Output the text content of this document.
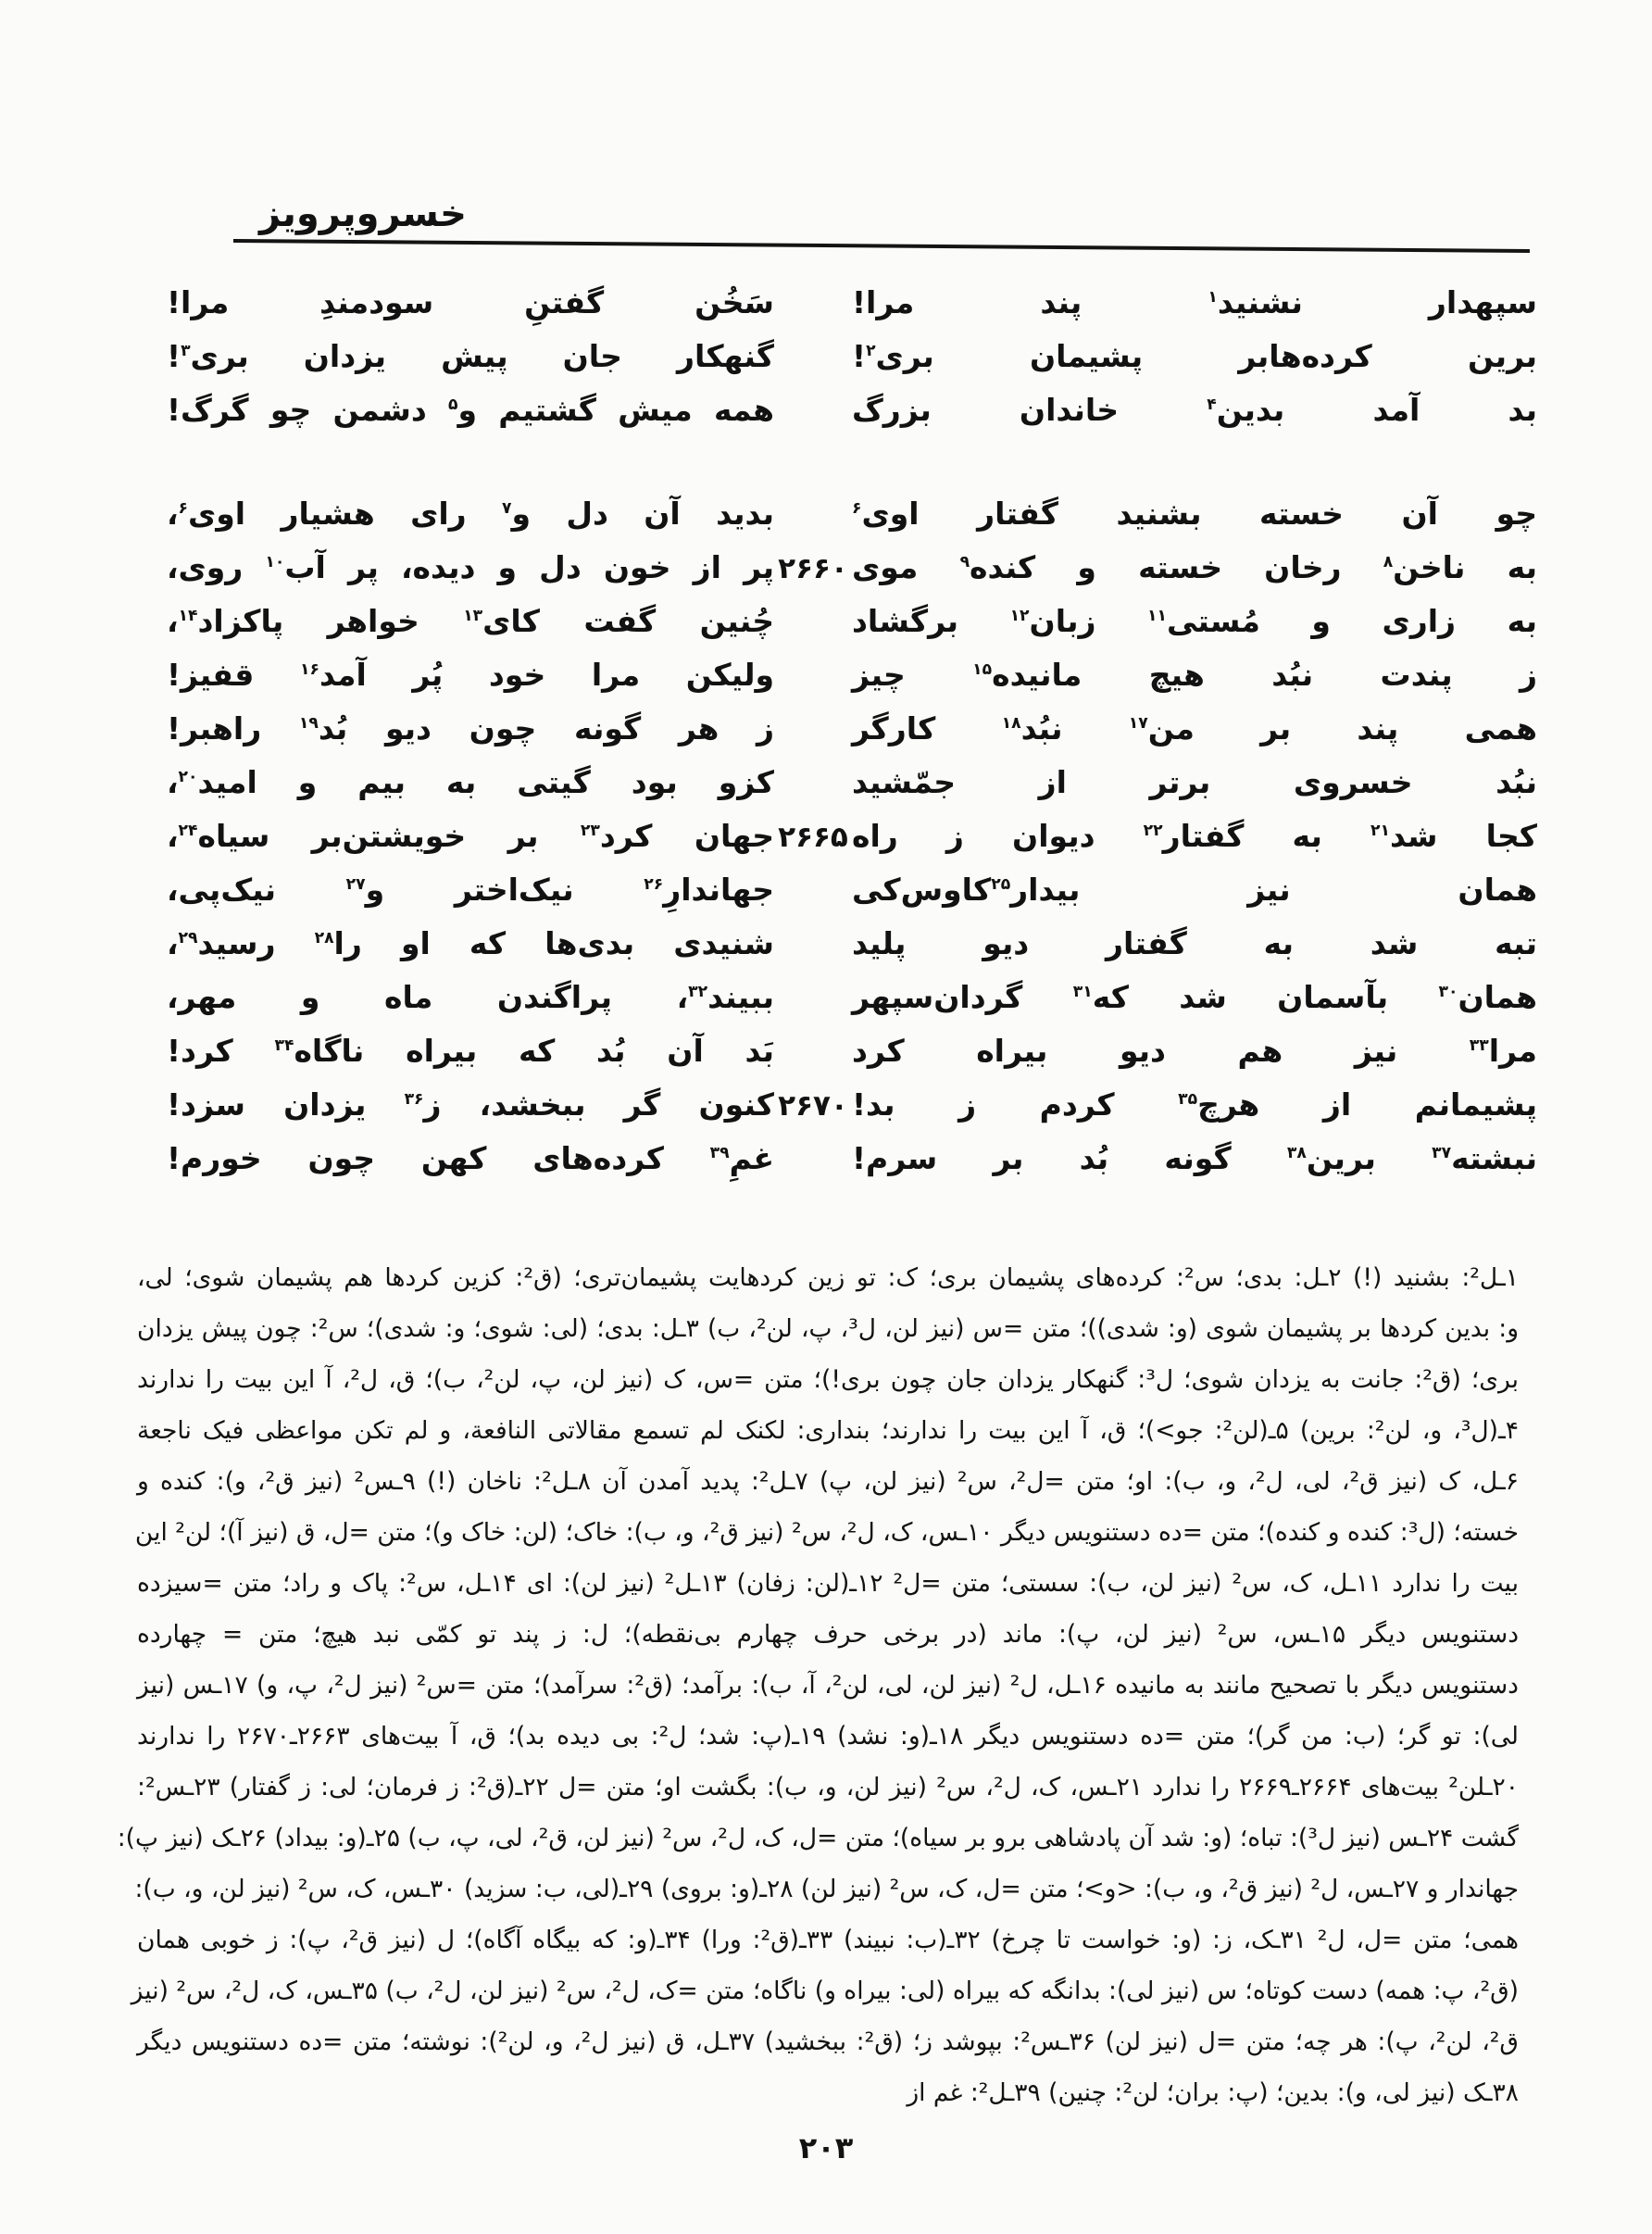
خسروپرویز
سپهدار نشنید$^۱$ پند مرا!
سَخُن گفتنِ سودمندِ مرا!
برین کرده‌هابر پشیمان بری$^۲$!
گنهکار جان پیش یزدان بری$^۳$!
بد آمد بدین$^۴$ خاندان بزرگ
همه میش گشتیم و$^۵$ دشمن چو گرگ!
چو آن خسته بشنید گفتار اوی$^۶$
بدید آن دل و$^۷$ رای هشیار اوی$^۶$،
به ناخن$^۸$ رخان خسته و کنده$^۹$ موی
۲۶۶۰
پر از خون دل و دیده، پر آب$^{۱۰}$ روی،
به زاری و مُستی$^{۱۱}$ زبان$^{۱۲}$ برگشاد
چُنین گفت کای$^{۱۳}$ خواهر پاکزاد$^{۱۴}$،
ز پندت نبُد هیچ مانیده$^{۱۵}$ چیز
ولیکن مرا خود پُر آمد$^{۱۶}$ قفیز!
همی پند بر من$^{۱۷}$ نبُد$^{۱۸}$ کارگر
ز هر گونه چون دیو بُد$^{۱۹}$ راهبر!
نبُد خسروی برتر از جمّشید
کزو بود گیتی به بیم و امید$^{۲۰}$،
کجا شد$^{۲۱}$ به گفتار$^{۲۲}$ دیوان ز راه
۲۶۶۵
جهان کرد$^{۲۳}$ بر خویشتن‌بر سیاه$^{۲۴}$،
همان نیز بیدار$^{۲۵}$کاوس‌کی
جهاندارِ$^{۲۶}$ نیک‌اختر و$^{۲۷}$ نیک‌پی،
تبه شد به گفتار دیو پلید
شنیدی بدی‌ها که او را$^{۲۸}$ رسید$^{۲۹}$،
همان$^{۳۰}$ بآسمان شد که$^{۳۱}$ گردان‌سپهر
ببیند$^{۳۲}$، پراگندن ماه و مهر،
مرا$^{۳۳}$ نیز هم دیو بیراه کرد
بَد آن بُد که بیراه ناگاه$^{۳۴}$ کرد!
پشیمانم از هرچ$^{۳۵}$ کردم ز بد!
۲۶۷۰
کنون گر ببخشد، ز$^{۳۶}$ یزدان سزد!
نبشته$^{۳۷}$ برین$^{۳۸}$ گونه بُد بر سرم!
غمِ$^{۳۹}$ کرده‌های کهن چون خورم!
۱ـل²: بشنید (!) ۲ـل: بدی؛ س²: کرده‌های پشیمان بری؛ ک: تو زین کردهایت پشیمان‌تری؛ (ق²: کزین کردها هم پشیمان شوی؛ لی،
و: بدین کردها بر پشیمان شوی (و: شدی))؛ متن =س (نیز لن، ل³، پ، لن²، ب) ۳ـل: بدی؛ (لی: شوی؛ و: شدی)؛ س²: چون پیش یزدان
بری؛ (ق²: جانت به یزدان شوی؛ ل³: گنهکار یزدان جان چون بری!)؛ متن =س، ک (نیز لن، پ، لن²، ب)؛ ق، ل²، آ این بیت را ندارند
۴ـ(ل³، و، لن²: برین) ۵ـ(لن²: جو>)؛ ق، آ این بیت را ندارند؛ بنداری: لکنک لم تسمع مقالاتی النافعة، و لم تکن مواعظی فیک ناجعة
۶ـل، ک (نیز ق²، لی، ل²، و، ب): او؛ متن =ل²، س² (نیز لن، پ) ۷ـل²: پدید آمدن آن ۸ـل²: ناخان (!) ۹ـس² (نیز ق²، و): کنده و
خسته؛ (ل³: کنده و کنده)؛ متن =ده دستنویس دیگر ۱۰ـس، ک، ل²، س² (نیز ق²، و، ب): خاک؛ (لن: خاک و)؛ متن =ل، ق (نیز آ)؛ لن² این
بیت را ندارد ۱۱ـل، ک، س² (نیز لن، ب): سستی؛ متن =ل² ۱۲ـ(لن: زفان) ۱۳ـل² (نیز لن): ای ۱۴ـل، س²: پاک و راد؛ متن =سیزده
دستنویس دیگر ۱۵ـس، س² (نیز لن، پ): ماند (در برخی حرف چهارم بی‌نقطه)؛ ل: ز پند تو کمّی نبد هیچ؛ متن = چهارده
دستنویس دیگر با تصحیح مانند به مانیده ۱۶ـل، ل² (نیز لن، لی، لن²، آ، ب): برآمد؛ (ق²: سرآمد)؛ متن =س² (نیز ل²، پ، و) ۱۷ـس (نیز
لی): تو گر؛ (ب: من گر)؛ متن =ده دستنویس دیگر ۱۸ـ(و: نشد) ۱۹ـ(پ: شد؛ ل²: بی دیده بد)؛ ق، آ بیت‌های ۲۶۶۳ـ۲۶۷۰ را ندارند
۲۰ـلن² بیت‌های ۲۶۶۴ـ۲۶۶۹ را ندارد ۲۱ـس، ک، ل²، س² (نیز لن، و، ب): بگشت او؛ متن =ل ۲۲ـ(ق²: ز فرمان؛ لی: ز گفتار) ۲۳ـس²:
گشت ۲۴ـس (نیز ل³): تباه؛ (و: شد آن پادشاهی برو بر سیاه)؛ متن =ل، ک، ل²، س² (نیز لن، ق²، لی، پ، ب) ۲۵ـ(و: بیداد) ۲۶ـک (نیز پ):
جهاندار و ۲۷ـس، ل² (نیز ق²، و، ب): <و>؛ متن =ل، ک، س² (نیز لن) ۲۸ـ(و: بروی) ۲۹ـ(لی، ب: سزید) ۳۰ـس، ک، س² (نیز لن، و، ب):
همی؛ متن =ل، ل² ۳۱ـک، ز: (و: خواست تا چرخ) ۳۲ـ(ب: نبیند) ۳۳ـ(ق²: ورا) ۳۴ـ(و: که بیگاه آگاه)؛ ل (نیز ق²، پ): ز خوبی همان
(ق²، پ: همه) دست کوتاه؛ س (نیز لی): بدانگه که بیراه (لی: بیراه و) ناگاه؛ متن =ک، ل²، س² (نیز لن، ل²، ب) ۳۵ـس، ک، ل²، س² (نیز
ق²، لن²، پ): هر چه؛ متن =ل (نیز لن) ۳۶ـس²: بپوشد ز؛ (ق²: ببخشید) ۳۷ـل، ق (نیز ل²، و، لن²): نوشته؛ متن =ده دستنویس دیگر
۳۸ـک (نیز لی، و): بدین؛ (پ: بران؛ لن²: چنین) ۳۹ـل²: غم از
۲۰۳
